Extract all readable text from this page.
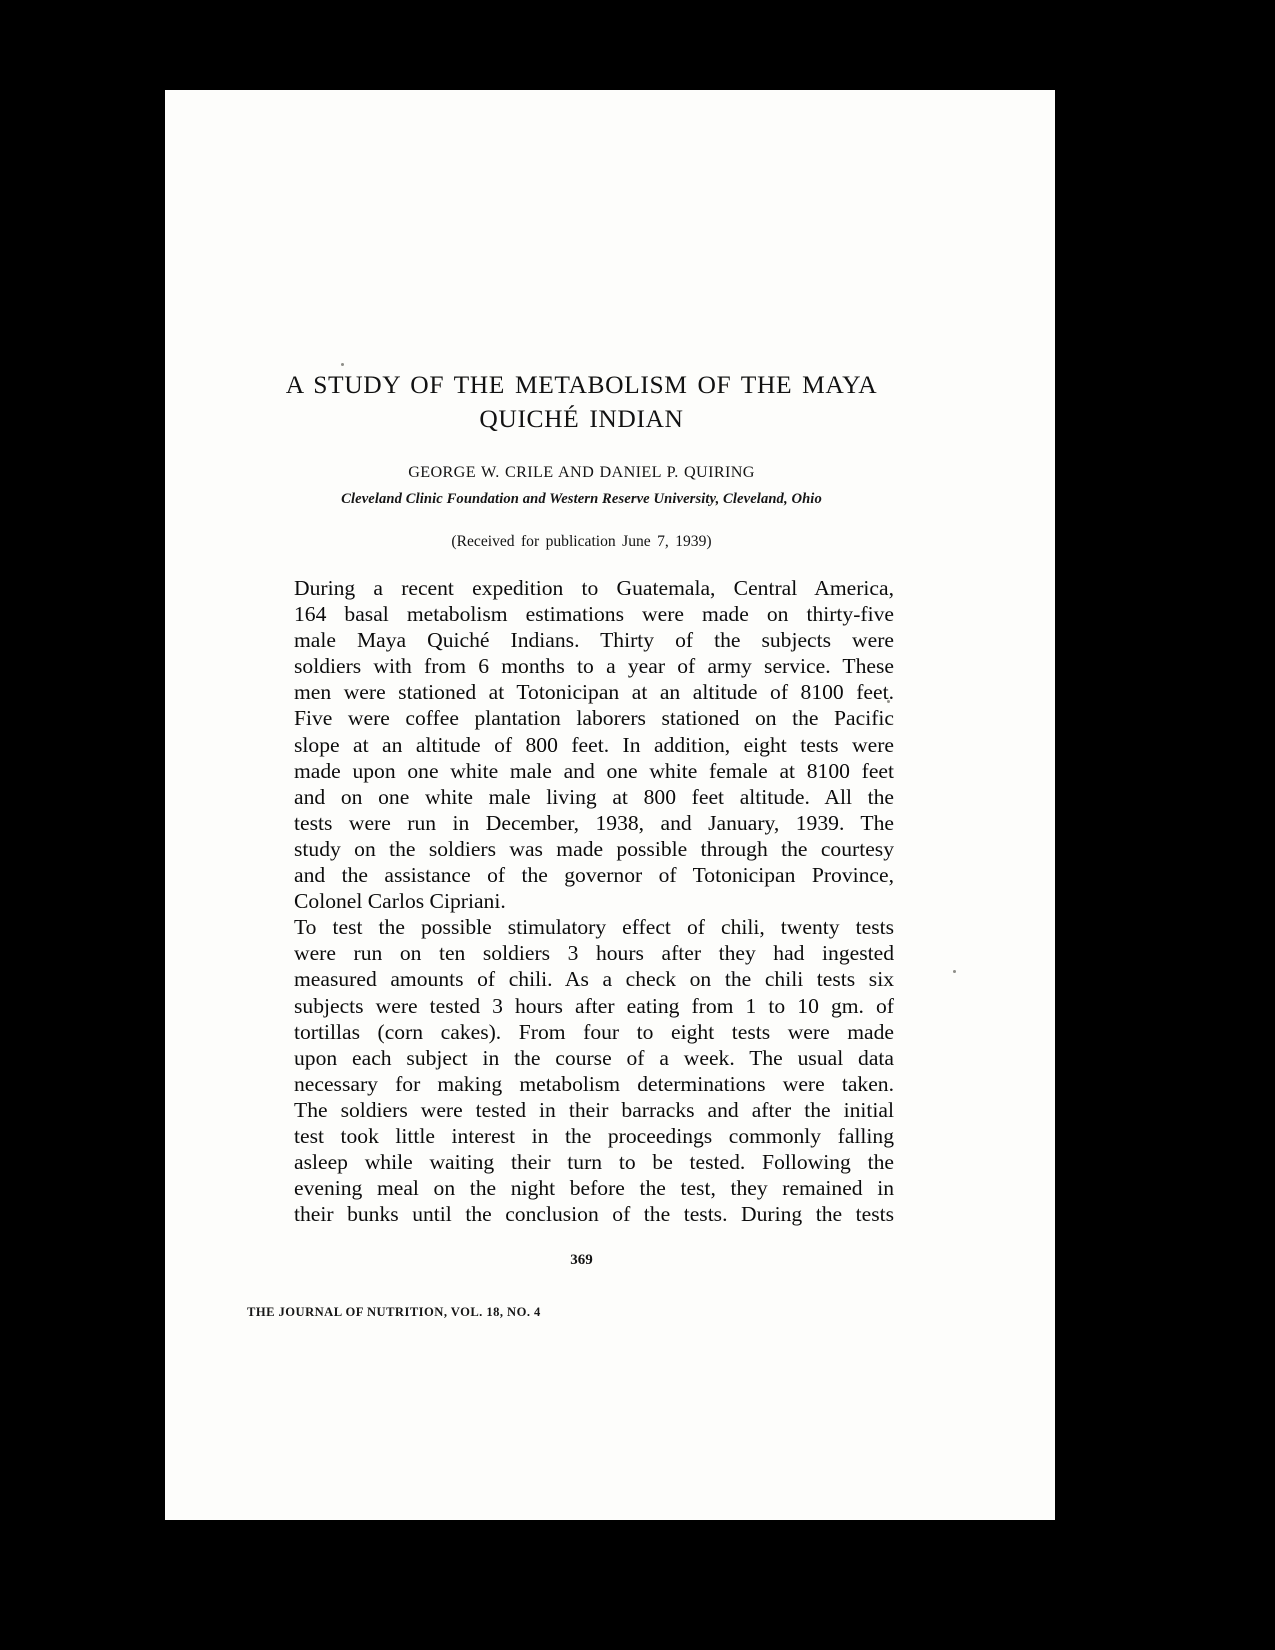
A STUDY OF THE METABOLISM OF THE MAYA
QUICHÉ INDIAN
GEORGE W. CRILE AND DANIEL P. QUIRING
Cleveland Clinic Foundation and Western Reserve University, Cleveland, Ohio
(Received for publication June 7, 1939)

During a recent expedition to Guatemala, Central America,
164 basal metabolism estimations were made on thirty-five
male Maya Quiché Indians. Thirty of the subjects were
soldiers with from 6 months to a year of army service. These
men were stationed at Totonicipan at an altitude of 8100 feet.
Five were coffee plantation laborers stationed on the Pacific
slope at an altitude of 800 feet. In addition, eight tests were
made upon one white male and one white female at 8100 feet
and on one white male living at 800 feet altitude. All the
tests were run in December, 1938, and January, 1939. The
study on the soldiers was made possible through the courtesy
and the assistance of the governor of Totonicipan Province,
Colonel Carlos Cipriani.

To test the possible stimulatory effect of chili, twenty tests
were run on ten soldiers 3 hours after they had ingested
measured amounts of chili. As a check on the chili tests six
subjects were tested 3 hours after eating from 1 to 10 gm. of
tortillas (corn cakes). From four to eight tests were made
upon each subject in the course of a week. The usual data
necessary for making metabolism determinations were taken.
The soldiers were tested in their barracks and after the initial
test took little interest in the proceedings commonly falling
asleep while waiting their turn to be tested. Following the
evening meal on the night before the test, they remained in
their bunks until the conclusion of the tests. During the tests

369
THE JOURNAL OF NUTRITION, VOL. 18, NO. 4
